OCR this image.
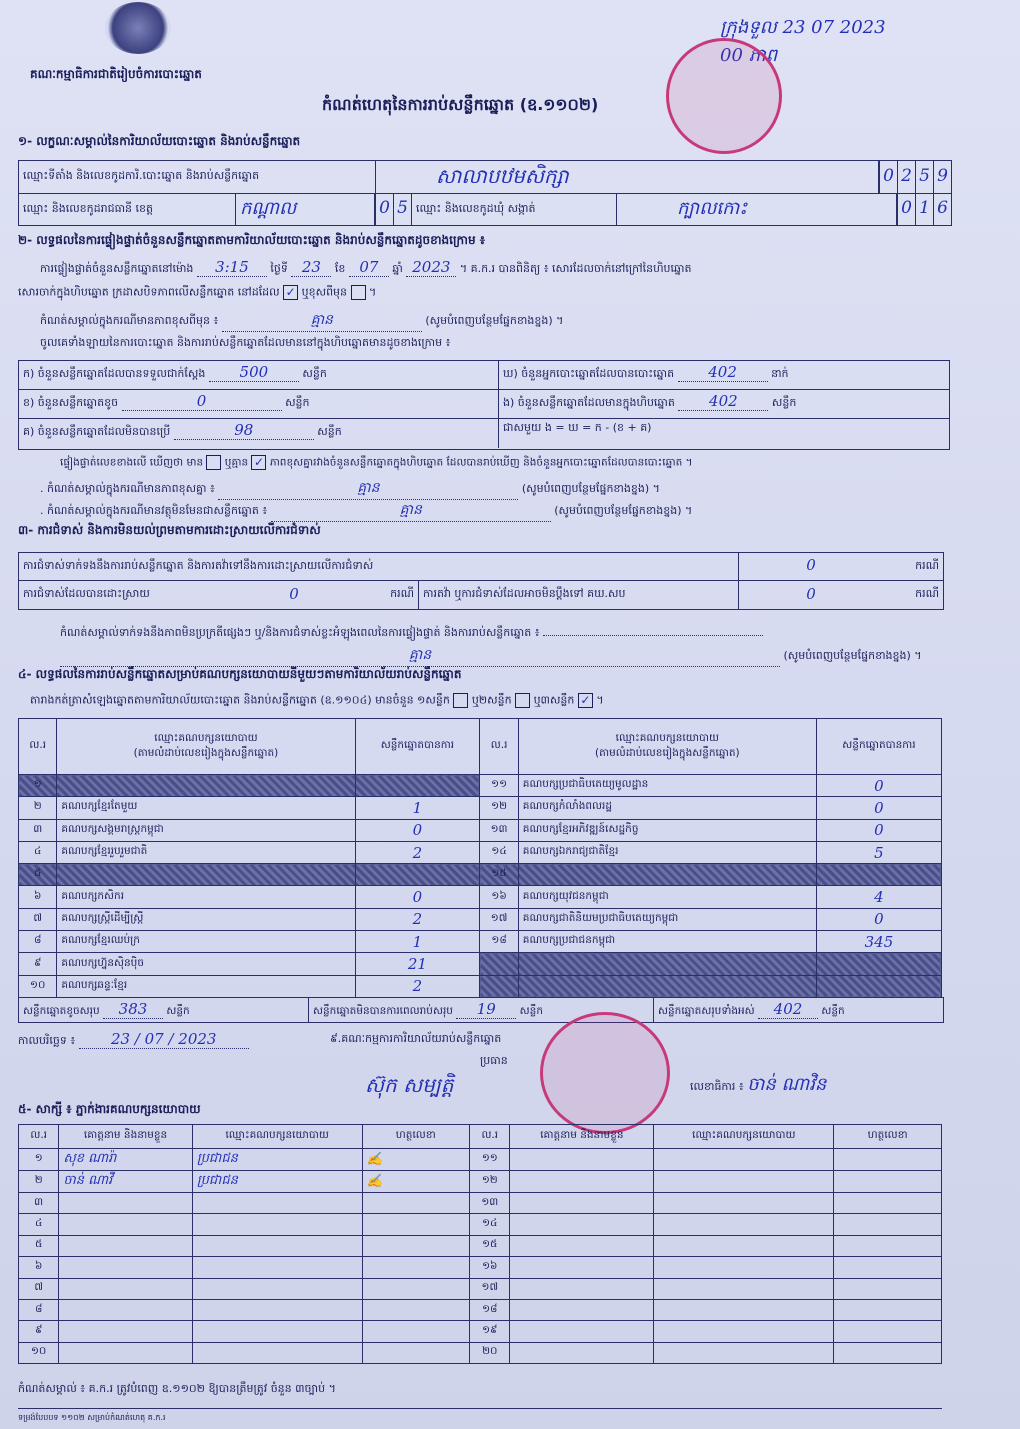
គណៈកម្មាធិការជាតិរៀបចំការបោះឆ្នោត
កំណត់ហេតុនៃការរាប់សន្លឹកឆ្នោត (ឧ.១១០២)
ក្រុងទួល 23 07 2023 00 ភាព
១- លក្ខណៈសម្គាល់នៃការិយាល័យបោះឆ្នោត និងរាប់សន្លឹកឆ្នោត
ឈ្មោះទីតាំង និងលេខកូដការិ.បោះឆ្នោត និងរាប់សន្លឹកឆ្នោត	សាលាបឋមសិក្សា	0 2 5 9
ឈ្មោះ និងលេខកូដរាជធានី ខេត្ត	កណ្ដាល	0 5 ឈ្មោះ និងលេខកូដឃុំ សង្កាត់	ក្បាលកោះ	0 1 6
២- លទ្ធផលនៃការផ្ទៀងផ្ទាត់ចំនួនសន្លឹកឆ្នោតតាមការិយាល័យបោះឆ្នោត និងរាប់សន្លឹកឆ្នោតដូចខាងក្រោម ៖
ការផ្ទៀងផ្ទាត់ចំនួនសន្លឹកឆ្នោតនៅម៉ោង 3:15 ថ្ងៃទី 23 ខែ 07 ឆ្នាំ 2023 ។ គ.ក.រ បានពិនិត្យ ៖ សោរដែលចាក់នៅក្រៅនៃហិបឆ្នោត
សោរចាក់ក្នុងហិបឆ្នោត ក្រដាសបិទភាពលើសន្លឹកឆ្នោត នៅដដែល ✓ ឬខុសពីមុន  ។
កំណត់សម្គាល់ក្នុងករណីមានភាពខុសពីមុន ៖	គ្មាន	(សូមបំពេញបន្ថែមផ្នែកខាងខ្នង) ។
ចូលគេទាំងឡាយនៃការបោះឆ្នោត និងការរាប់សន្លឹកឆ្នោតដែលមាននៅក្នុងហិបឆ្នោតមានដូចខាងក្រោម ៖
ក) ចំនួនសន្លឹកឆ្នោតដែលបានទទួលជាក់ស្ដែង 500	សន្លឹក	ឃ) ចំនួនអ្នកបោះឆ្នោតដែលបានបោះឆ្នោត 402	នាក់
ខ) ចំនួនសន្លឹកឆ្នោតខូច	0	សន្លឹក	ង) ចំនួនសន្លឹកឆ្នោតដែលមានក្នុងហិបឆ្នោត 402	សន្លឹក
គ) ចំនួនសន្លឹកឆ្នោតដែលមិនបានប្រើ	98	សន្លឹក	ជាសមួយ ង = ឃ = ក - (ខ + គ)
ផ្ទៀងផ្ទាត់លេខខាងលើ ឃើញថា មាន ឬគ្មាន ✓ ភាពខុសគ្នារវាងចំនួនសន្លឹកឆ្នោតក្នុងហិបឆ្នោត ដែលបានរាប់ឃើញ និងចំនួនអ្នកបោះឆ្នោតដែលបានបោះឆ្នោត ។
. កំណត់សម្គាល់ក្នុងករណីមានភាពខុសគ្នា ៖	គ្មាន	(សូមបំពេញបន្ថែមផ្នែកខាងខ្នង) ។
. កំណត់សម្គាល់ក្នុងករណីមានវត្ថុមិនមែនជាសន្លឹកឆ្នោត ៖	គ្មាន	(សូមបំពេញបន្ថែមផ្នែកខាងខ្នង) ។
៣- ការជំទាស់ និងការមិនយល់ព្រមតាមការដោះស្រាយលើការជំទាស់
ការជំទាស់ទាក់ទងនឹងការរាប់សន្លឹកឆ្នោត និងការតវ៉ាទៅនឹងការដោះស្រាយលើការជំទាស់	0	ករណី
ការជំទាស់ដែលបានដោះស្រាយ	0	ករណី ការតវ៉ា ឬការជំទាស់ដែលអាចមិនប្ដឹងទៅ គឃ.សប	0	ករណី
កំណត់សម្គាល់ទាក់ទងនឹងភាពមិនប្រក្រតីផ្សេងៗ ឬ/និងការជំទាស់ខ្លះអំឡុងពេលនៃការផ្ទៀងផ្ទាត់ និងការរាប់សន្លឹកឆ្នោត ៖
គ្មាន	(សូមបំពេញបន្ថែមផ្នែកខាងខ្នង) ។
៤- លទ្ធផលនៃការរាប់សន្លឹកឆ្នោតសម្រាប់គណបក្សនយោបាយនីមួយៗតាមការិយាល័យរាប់សន្លឹកឆ្នោត
តារាងកត់ត្រាសំឡេងឆ្នោតតាមការិយាល័យបោះឆ្នោត និងរាប់សន្លឹកឆ្នោត (ឧ.១១០៤) មានចំនួន ១សន្លឹក ឬ២សន្លឹក ឬ៣សន្លឹក ✓ ។
ល.រ	ឈ្មោះគណបក្សនយោបាយ
(តាមលំដាប់លេខរៀងក្នុងសន្លឹកឆ្នោត)	សន្លឹកឆ្នោតបានការ	ល.រ	ឈ្មោះគណបក្សនយោបាយ
(តាមលំដាប់លេខរៀងក្នុងសន្លឹកឆ្នោត)	សន្លឹកឆ្នោតបានការ
១			១១	គណបក្សប្រជាធិបតេយ្យមូលដ្ឋាន	0
២	គណបក្សខ្មែរតែមួយ	1	១២	គណបក្សកំលាំងពលរដ្ឋ	0
៣	គណបក្សសង្គមរាស្ត្រកម្ពុជា	0	១៣	គណបក្សខ្មែរអភិវឌ្ឍន៍សេដ្ឋកិច្ច	0
៤	គណបក្សខ្មែររួបរួមជាតិ	2	១៤	គណបក្សឯករាជ្យជាតិខ្មែរ	5
៥			១៥		
៦	គណបក្សកសិករ	0	១៦	គណបក្សយុវជនកម្ពុជា	4
៧	គណបក្សស្ត្រីដើម្បីស្ត្រី	2	១៧	គណបក្សជាតិនិយមប្រជាធិបតេយ្យកម្ពុជា	0
៨	គណបក្សខ្មែរឈប់ក្រ	1	១៨	គណបក្សប្រជាជនកម្ពុជា	345
៩	គណបក្សហ្វ៊ុនស៊ិនប៉ិច	21			
១០	គណបក្សឆន្ទៈខ្មែរ	2			
សន្លឹកឆ្នោតខូចសរុប 383 សន្លឹក	សន្លឹកឆ្នោតមិនបានការពេលរាប់សរុប 19 សន្លឹក	សន្លឹកឆ្នោតសរុបទាំងអស់ 402 សន្លឹក
កាលបរិច្ឆេទ ៖ 23 / 07 / 2023	៩.គណៈកម្មការការិយាល័យរាប់សន្លឹកឆ្នោត
ប្រធាន
ស៊ុក សម្បត្តិ	លេខាធិការ ៖ ចាន់ ណាវិន
៥- សាក្សី ៖ ភ្នាក់ងារគណបក្សនយោបាយ
ល.រ	គោត្តនាម និងនាមខ្លួន	ឈ្មោះគណបក្សនយោបាយ	ហត្ថលេខា	ល.រ	គោត្តនាម និងនាមខ្លួន	ឈ្មោះគណបក្សនយោបាយ	ហត្ថលេខា
១	សុខ ណារ៉ា	ប្រជាជន	✍	១១			
២	ចាន់ ណាវី	ប្រជាជន	✍	១២			
៣				១៣			
៤				១៤			
៥				១៥			
៦				១៦			
៧				១៧			
៨				១៨			
៩				១៩			
១០				២០			
កំណត់សម្គាល់ ៖ គ.ក.រ ត្រូវបំពេញ ឧ.១១០២ ឱ្យបានត្រឹមត្រូវ ចំនួន ៣ច្បាប់ ។
ទម្រង់បែបបទ ១១០២ សម្រាប់កំណត់ហេតុ គ.ក.រ
